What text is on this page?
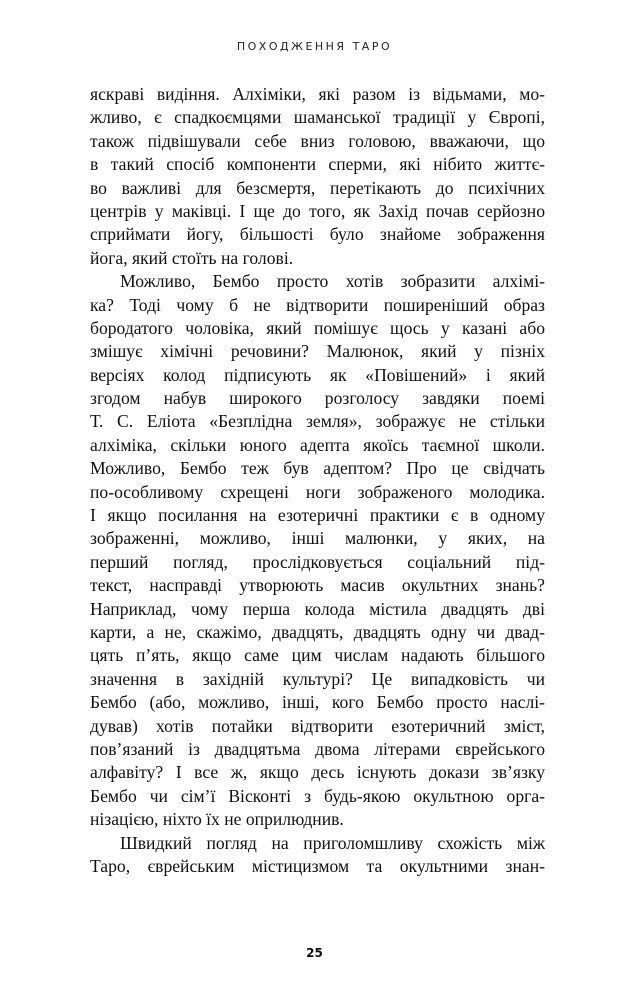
ПОХОДЖЕННЯ ТАРО
яскраві видіння. Алхіміки, які разом із відьмами, мо-
жливо, є спадкоємцями шаманської традиції у Європі,
також підвішували себе вниз головою, вважаючи, що
в такий спосіб компоненти сперми, які нібито життє-
во важливі для безсмертя, перетікають до психічних
центрів у маківці. І ще до того, як Захід почав серйозно
сприймати йогу, більшості було знайоме зображення
йога, який стоїть на голові.
Можливо, Бембо просто хотів зобразити алхімі-
ка? Тоді чому б не відтворити поширеніший образ
бородатого чоловіка, який помішує щось у казані або
змішує хімічні речовини? Малюнок, який у пізніх
версіях колод підписують як «Повішений» і який
згодом набув широкого розголосу завдяки поемі
Т. С. Еліота «Безплідна земля», зображує не стільки
алхіміка, скільки юного адепта якоїсь таємної школи.
Можливо, Бембо теж був адептом? Про це свідчать
по-особливому схрещені ноги зображеного молодика.
І якщо посилання на езотеричні практики є в одному
зображенні, можливо, інші малюнки, у яких, на
перший погляд, прослідковується соціальний під-
текст, насправді утворюють масив окультних знань?
Наприклад, чому перша колода містила двадцять дві
карти, а не, скажімо, двадцять, двадцять одну чи двад-
цять п’ять, якщо саме цим числам надають більшого
значення в західній культурі? Це випадковість чи
Бембо (або, можливо, інші, кого Бембо просто наслі-
дував) хотів потайки відтворити езотеричний зміст,
пов’язаний із двадцятьма двома літерами єврейського
алфавіту? І все ж, якщо десь існують докази зв’язку
Бембо чи сім’ї Вісконті з будь-якою окультною орга-
нізацією, ніхто їх не оприлюднив.
Швидкий погляд на приголомшливу схожість між
Таро, єврейським містицизмом та окультними знан-
25
